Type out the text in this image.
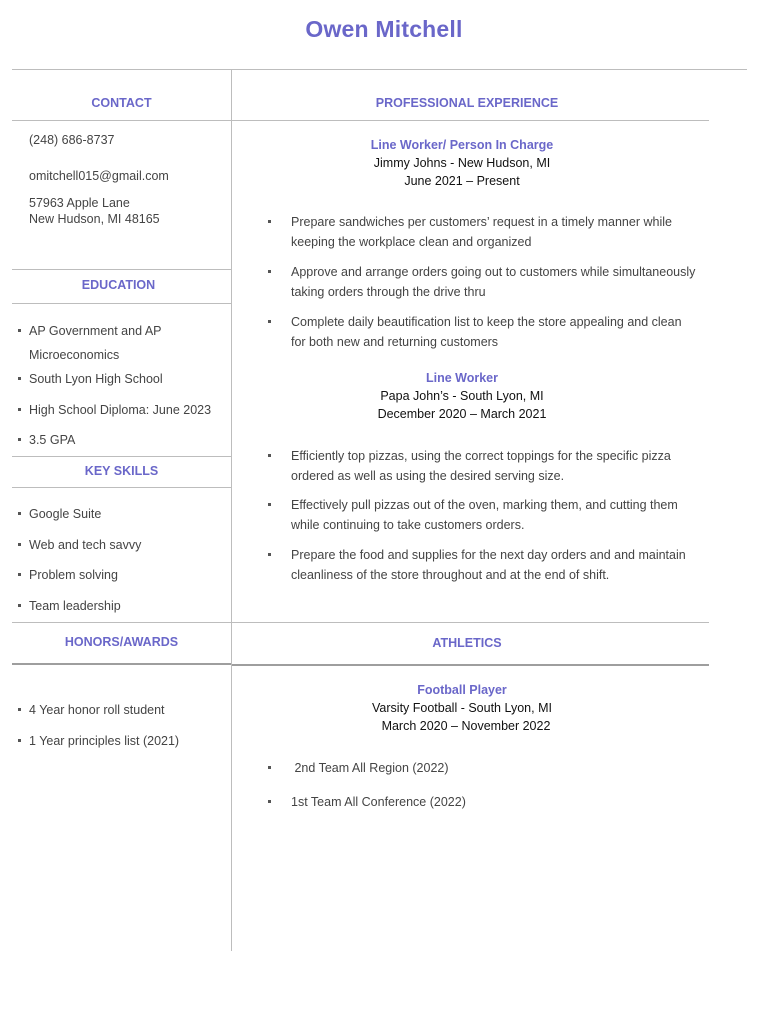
Owen Mitchell
CONTACT
(248) 686-8737
omitchell015@gmail.com
57963 Apple Lane
New Hudson, MI 48165
EDUCATION
AP Government and AP Microeconomics
South Lyon High School
High School Diploma: June 2023
3.5 GPA
KEY SKILLS
Google Suite
Web and tech savvy
Problem solving
Team leadership
HONORS/AWARDS
4 Year honor roll student
1 Year principles list (2021)
PROFESSIONAL EXPERIENCE
Line Worker/ Person In Charge
Jimmy Johns - New Hudson, MI
June 2021 – Present
Prepare sandwiches per customers’ request in a timely manner while keeping the workplace clean and organized
Approve and arrange orders going out to customers while simultaneously taking orders through the drive thru
Complete daily beautification list to keep the store appealing and clean for both new and returning customers
Line Worker
Papa John’s - South Lyon, MI
December 2020 – March 2021
Efficiently top pizzas, using the correct toppings for the specific pizza ordered as well as using the desired serving size.
Effectively pull pizzas out of the oven, marking them, and cutting them while continuing to take customers orders.
Prepare the food and supplies for the next day orders and and maintain cleanliness of the store throughout and at the end of shift.
ATHLETICS
Football Player
Varsity Football - South Lyon, MI
March 2020 – November 2022
2nd Team All Region (2022)
1st Team All Conference (2022)
